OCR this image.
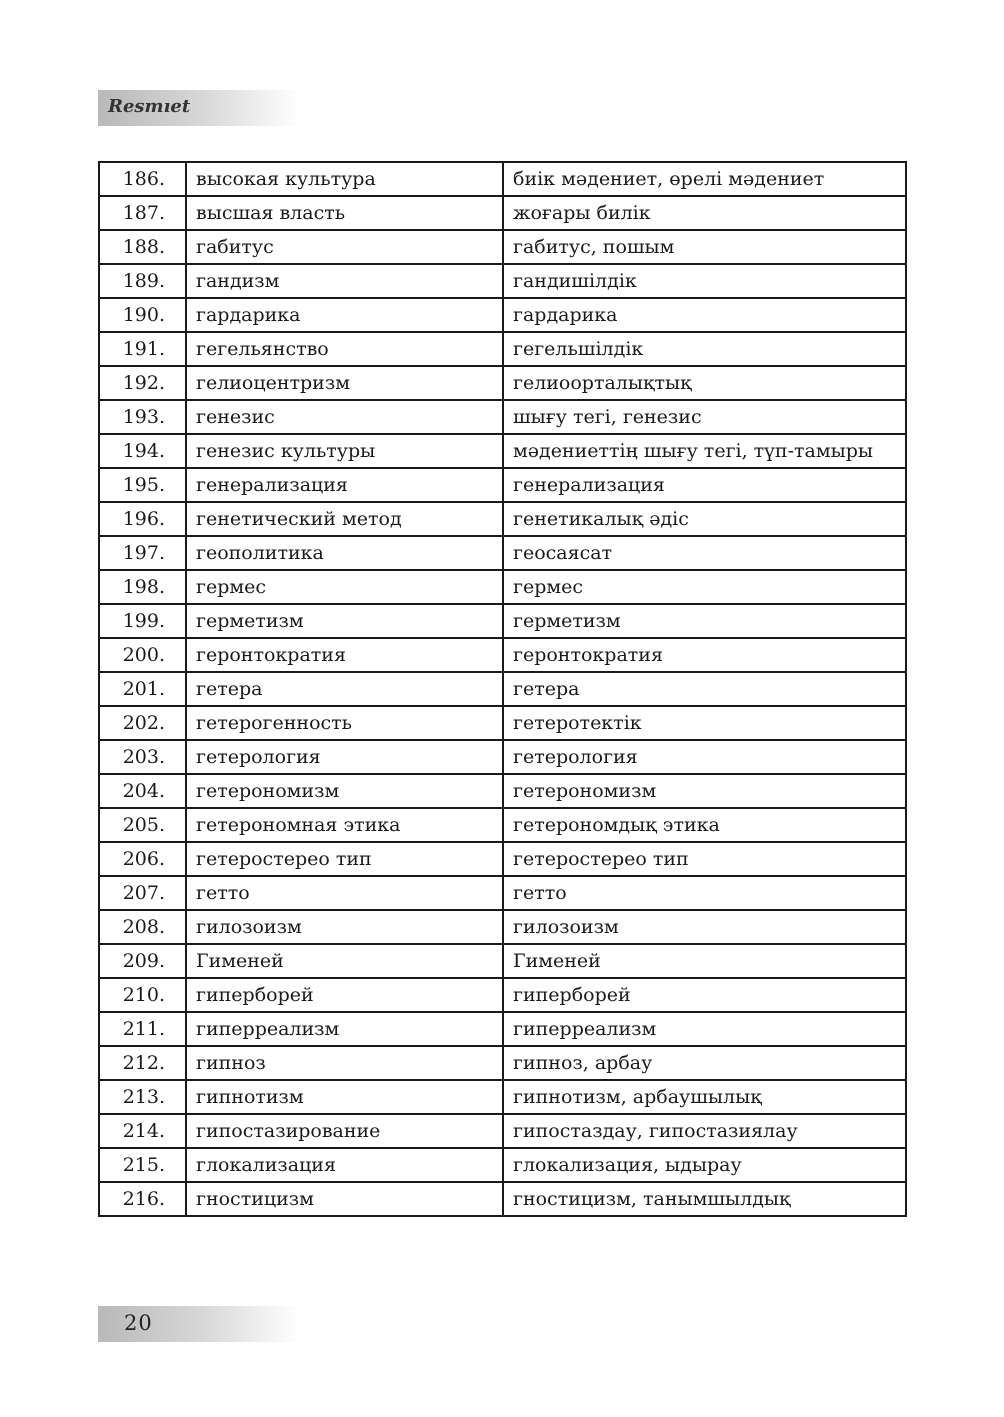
Resmıet
186.	высокая культура	биік мәдениет, өрелі мәдениет
187.	высшая власть	жоғары билік
188.	габитус	габитус, пошым
189.	гандизм	гандишілдік
190.	гардарика	гардарика
191.	гегельянство	гегельшілдік
192.	гелиоцентризм	гелиоорталықтық
193.	генезис	шығу тегі, генезис
194.	генезис культуры	мәдениеттің шығу тегі, түп-тамыры
195.	генерализация	генерализация
196.	генетический метод	генетикалық әдіс
197.	геополитика	геосаясат
198.	гермес	гермес
199.	герметизм	герметизм
200.	геронтократия	геронтократия
201.	гетера	гетера
202.	гетерогенность	гетеротектік
203.	гетерология	гетерология
204.	гетерономизм	гетерономизм
205.	гетерономная этика	гетерономдық этика
206.	гетеростерео тип	гетеростерео тип
207.	гетто	гетто
208.	гилозоизм	гилозоизм
209.	Гименей	Гименей
210.	гиперборей	гиперборей
211.	гиперреализм	гиперреализм
212.	гипноз	гипноз, арбау
213.	гипнотизм	гипнотизм, арбаушылық
214.	гипостазирование	гипостаздау, гипостазиялау
215.	глокализация	глокализация, ыдырау
216.	гностицизм	гностицизм, танымшылдық
20
